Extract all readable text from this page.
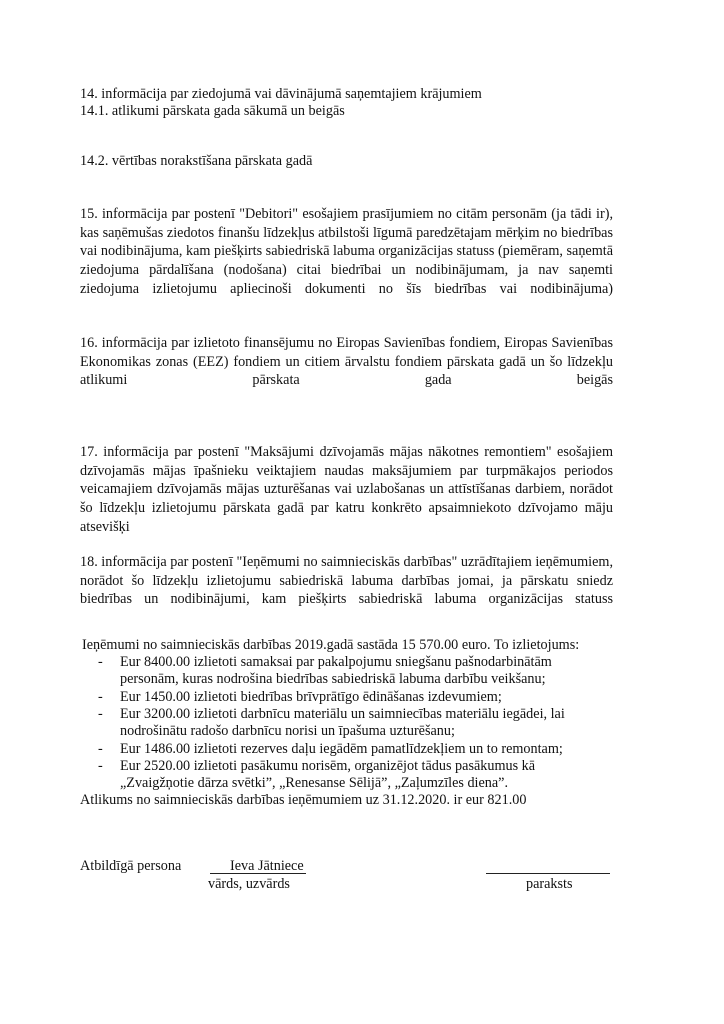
14. informācija par ziedojumā vai dāvinājumā saņemtajiem krājumiem
14.1. atlikumi pārskata gada sākumā un beigās
14.2. vērtības norakstīšana pārskata gadā
15. informācija par postenī "Debitori" esošajiem prasījumiem no citām personām (ja tādi ir), kas saņēmušas ziedotos finanšu līdzekļus atbilstoši līgumā paredzētajam mērķim no biedrības vai nodibinājuma, kam piešķirts sabiedriskā labuma organizācijas statuss (piemēram, saņemtā ziedojuma pārdalīšana (nodošana) citai biedrībai un nodibinājumam, ja nav saņemti ziedojuma izlietojumu apliecinoši dokumenti no šīs biedrības vai nodibinājuma)
16. informācija par izlietoto finansējumu no Eiropas Savienības fondiem, Eiropas Savienības Ekonomikas zonas (EEZ) fondiem un citiem ārvalstu fondiem pārskata gadā un šo līdzekļu atlikumi pārskata gada beigās
17. informācija par postenī "Maksājumi dzīvojamās mājas nākotnes remontiem" esošajiem dzīvojamās mājas īpašnieku veiktajiem naudas maksājumiem par turpmākajos periodos veicamajiem dzīvojamās mājas uzturēšanas vai uzlabošanas un attīstīšanas darbiem, norādot šo līdzekļu izlietojumu pārskata gadā par katru konkrēto apsaimniekoto dzīvojamo māju atsevišķi
18. informācija par postenī "Ieņēmumi no saimnieciskās darbības" uzrādītajiem ieņēmumiem, norādot šo līdzekļu izlietojumu sabiedriskā labuma darbības jomai, ja pārskatu sniedz biedrības un nodibinājumi, kam piešķirts sabiedriskā labuma organizācijas statuss
Ieņēmumi no saimnieciskās darbības 2019.gadā sastāda 15 570.00 euro. To izlietojums:
- Eur 8400.00 izlietoti samaksai par pakalpojumu sniegšanu pašnodarbinātām
personām, kuras nodrošina biedrības sabiedriskā labuma darbību veikšanu;
- Eur 1450.00 izlietoti biedrības brīvprātīgo ēdināšanas izdevumiem;
- Eur 3200.00 izlietoti darbnīcu materiālu un saimniecības materiālu iegādei, lai
nodrošinātu radošo darbnīcu norisi un īpašuma uzturēšanu;
- Eur 1486.00 izlietoti rezerves daļu iegādēm pamatlīdzekļiem un to remontam;
- Eur 2520.00 izlietoti pasākumu norisēm, organizējot tādus pasākumus kā
„Zvaigžņotie dārza svētki”, „Renesanse Sēlijā”, „Zaļumzīles diena”.
Atlikums no saimnieciskās darbības ieņēmumiem uz 31.12.2020. ir eur 821.00
Atbildīgā persona	Ieva Jātniece
vārds, uzvārds	paraksts
